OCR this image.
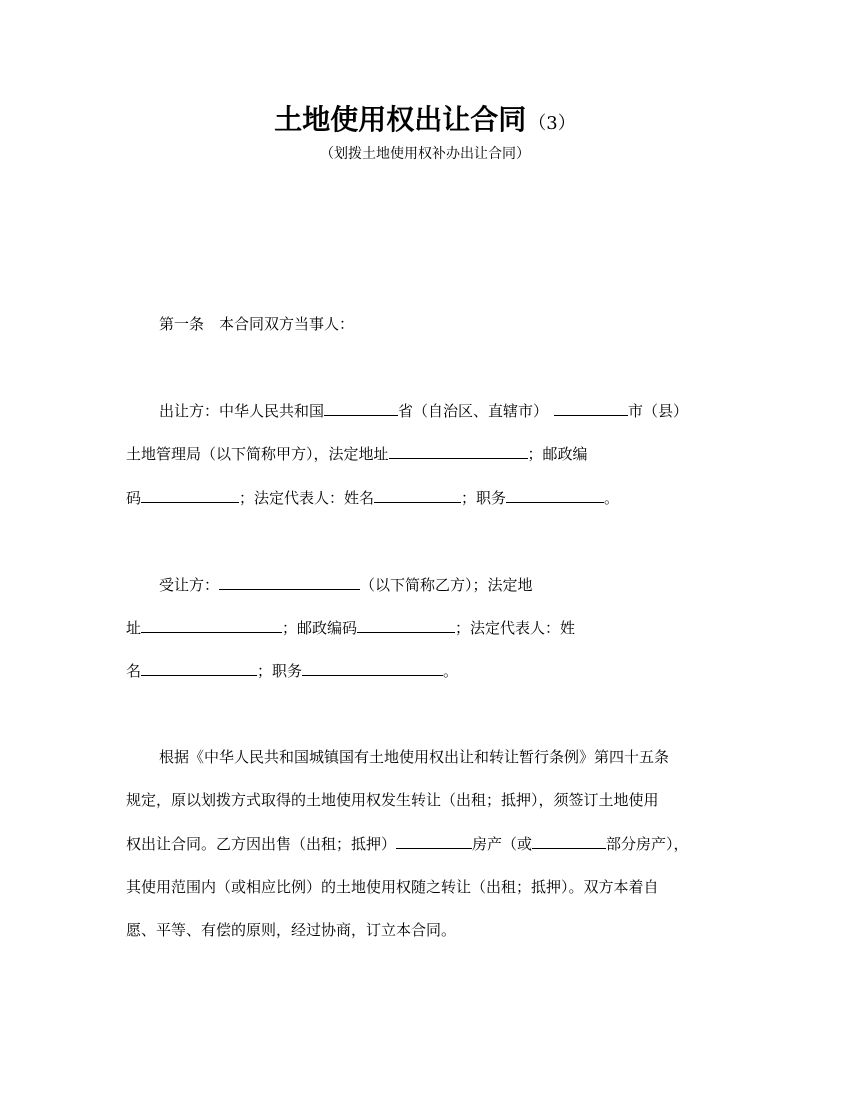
土地使用权出让合同 （3）
（划拨土地使用权补办出让合同）
第一条 本合同双方当事人：
出让方：中华人民共和国	省（自治区、直辖市）	市（县）
土地管理局（以下简称甲方），法定地址	；邮政编
码	；法定代表人：姓名	；职务	。
受让方：	（以下简称乙方）；法定地
址	；邮政编码	；法定代表人：姓
名	；职务	。
根据《中华人民共和国城镇国有土地使用权出让和转让暂行条例》第四十五条
规定，原以划拨方式取得的土地使用权发生转让（出租；抵押），须签订土地使用
权出让合同。乙方因出售（出租；抵押）	房产（或	部分房产），
其使用范围内（或相应比例）的土地使用权随之转让（出租；抵押）。双方本着自
愿、平等、有偿的原则，经过协商，订立本合同。
